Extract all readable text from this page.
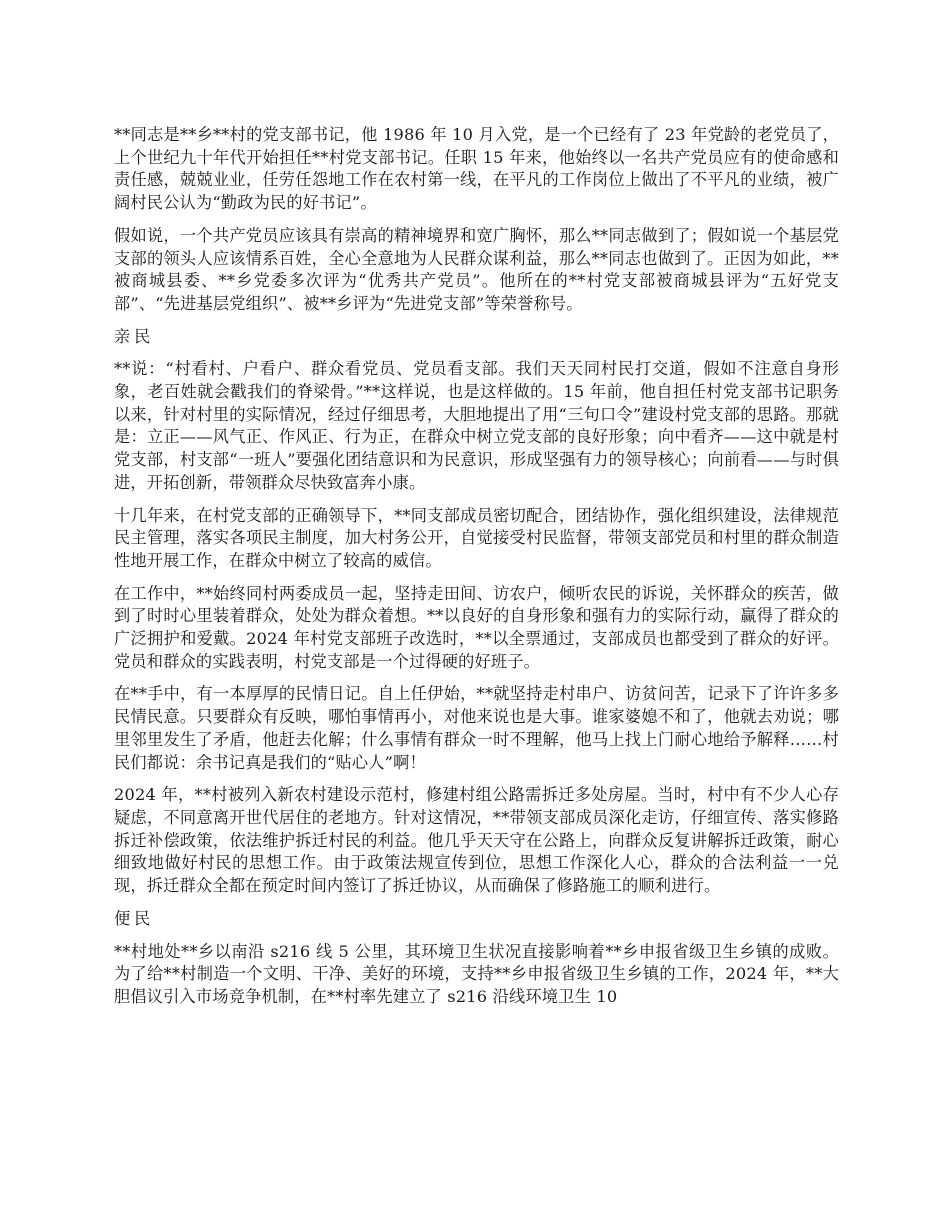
**同志是**乡**村的党支部书记，他 1986 年 10 月入党，是一个已经有了 23 年党龄的老党员了，上个世纪九十年代开始担任**村党支部书记。任职 15 年来，他始终以一名共产党员应有的使命感和责任感，兢兢业业，任劳任怨地工作在农村第一线，在平凡的工作岗位上做出了不平凡的业绩，被广阔村民公认为“勤政为民的好书记”。

假如说，一个共产党员应该具有崇高的精神境界和宽广胸怀，那么**同志做到了；假如说一个基层党支部的领头人应该情系百姓，全心全意地为人民群众谋利益，那么**同志也做到了。正因为如此，**被商城县委、**乡党委多次评为“优秀共产党员”。他所在的**村党支部被商城县评为“五好党支部”、“先进基层党组织”、被**乡评为“先进党支部”等荣誉称号。

亲民

**说：“村看村、户看户、群众看党员、党员看支部。我们天天同村民打交道，假如不注意自身形象，老百姓就会戳我们的脊梁骨。”**这样说，也是这样做的。15 年前，他自担任村党支部书记职务以来，针对村里的实际情况，经过仔细思考，大胆地提出了用“三句口令”建设村党支部的思路。那就是：立正——风气正、作风正、行为正，在群众中树立党支部的良好形象；向中看齐——这中就是村党支部，村支部“一班人”要强化团结意识和为民意识，形成坚强有力的领导核心；向前看——与时俱进，开拓创新，带领群众尽快致富奔小康。

十几年来，在村党支部的正确领导下，**同支部成员密切配合，团结协作，强化组织建设，法律规范民主管理，落实各项民主制度，加大村务公开，自觉接受村民监督，带领支部党员和村里的群众制造性地开展工作，在群众中树立了较高的威信。

在工作中，**始终同村两委成员一起，坚持走田间、访农户，倾听农民的诉说，关怀群众的疾苦，做到了时时心里装着群众，处处为群众着想。**以良好的自身形象和强有力的实际行动，赢得了群众的广泛拥护和爱戴。2024 年村党支部班子改选时，**以全票通过，支部成员也都受到了群众的好评。党员和群众的实践表明，村党支部是一个过得硬的好班子。

在**手中，有一本厚厚的民情日记。自上任伊始，**就坚持走村串户、访贫问苦，记录下了许许多多民情民意。只要群众有反映，哪怕事情再小，对他来说也是大事。谁家婆媳不和了，他就去劝说；哪里邻里发生了矛盾，他赶去化解；什么事情有群众一时不理解，他马上找上门耐心地给予解释……村民们都说：余书记真是我们的“贴心人”啊！

2024 年，**村被列入新农村建设示范村，修建村组公路需拆迁多处房屋。当时，村中有不少人心存疑虑，不同意离开世代居住的老地方。针对这情况，**带领支部成员深化走访，仔细宣传、落实修路拆迁补偿政策，依法维护拆迁村民的利益。他几乎天天守在公路上，向群众反复讲解拆迁政策，耐心细致地做好村民的思想工作。由于政策法规宣传到位，思想工作深化人心，群众的合法利益一一兑现，拆迁群众全都在预定时间内签订了拆迁协议，从而确保了修路施工的顺利进行。

便民

**村地处**乡以南沿 s216 线 5 公里，其环境卫生状况直接影响着**乡申报省级卫生乡镇的成败。为了给**村制造一个文明、干净、美好的环境，支持**乡申报省级卫生乡镇的工作，2024 年，**大胆倡议引入市场竞争机制，在**村率先建立了 s216 沿线环境卫生 10
